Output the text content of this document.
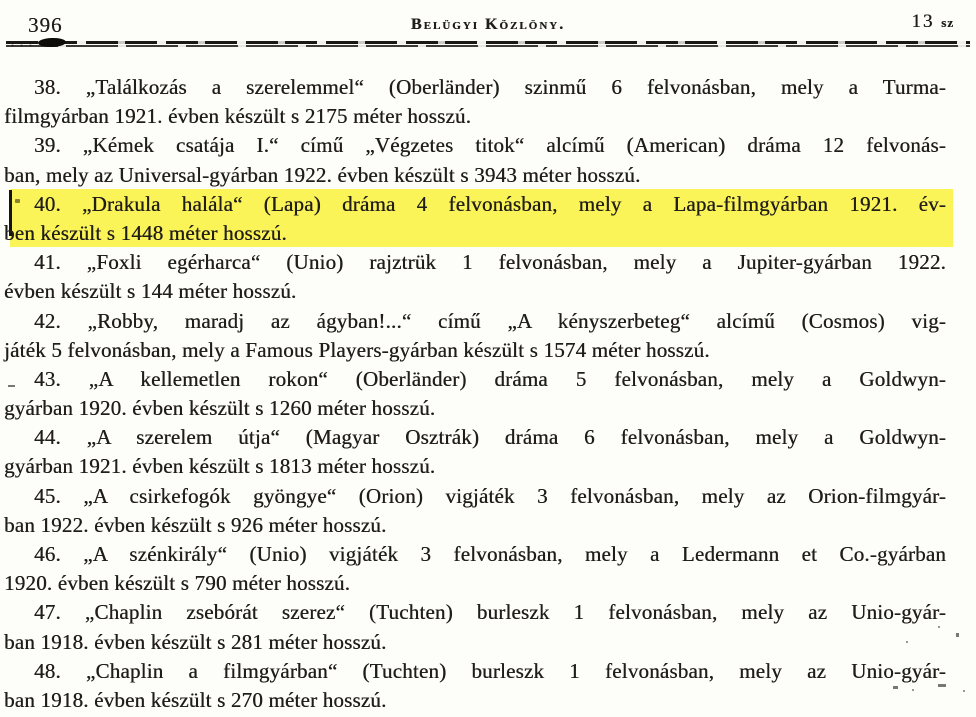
396	Belügyi Közlöny.	13 sz
38. „Találkozás a szerelemmel“ (Oberländer) szinmű 6 felvonásban, mely a Turma-
filmgyárban 1921. évben készült s 2175 méter hosszú.
39. „Kémek csatája I.“ című „Végzetes titok“ alcímű (American) dráma 12 felvonás-
ban, mely az Universal-gyárban 1922. évben készült s 3943 méter hosszú.
40. „Drakula halála“ (Lapa) dráma 4 felvonásban, mely a Lapa-filmgyárban 1921. év-
ben készült s 1448 méter hosszú.
41. „Foxli egérharca“ (Unio) rajztrük 1 felvonásban, mely a Jupiter-gyárban 1922.
évben készült s 144 méter hosszú.
42. „Robby, maradj az ágyban!...“ című „A kényszerbeteg“ alcímű (Cosmos) vig-
játék 5 felvonásban, mely a Famous Players-gyárban készült s 1574 méter hosszú.
43. „A kellemetlen rokon“ (Oberländer) dráma 5 felvonásban, mely a Goldwyn-
gyárban 1920. évben készült s 1260 méter hosszú.
44. „A szerelem útja“ (Magyar Osztrák) dráma 6 felvonásban, mely a Goldwyn-
gyárban 1921. évben készült s 1813 méter hosszú.
45. „A csirkefogók gyöngye“ (Orion) vigjáték 3 felvonásban, mely az Orion-filmgyár-
ban 1922. évben készült s 926 méter hosszú.
46. „A szénkirály“ (Unio) vigjáték 3 felvonásban, mely a Ledermann et Co.-gyárban
1920. évben készült s 790 méter hosszú.
47. „Chaplin zsebórát szerez“ (Tuchten) burleszk 1 felvonásban, mely az Unio-gyár-
ban 1918. évben készült s 281 méter hosszú.
48. „Chaplin a filmgyárban“ (Tuchten) burleszk 1 felvonásban, mely az Unio-gyár-
ban 1918. évben készült s 270 méter hosszú.
